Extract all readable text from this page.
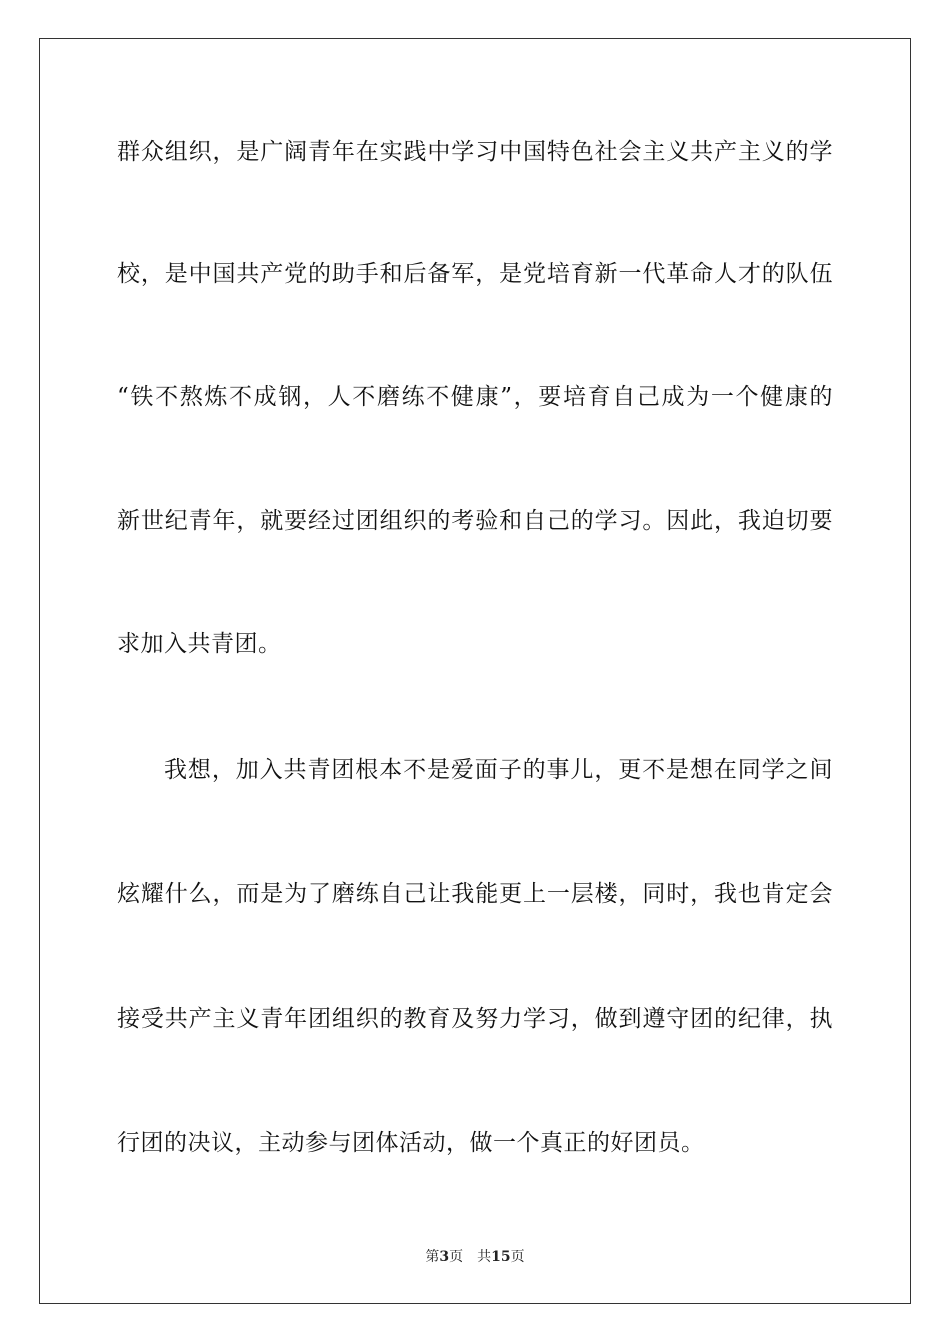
群众组织，是广阔青年在实践中学习中国特色社会主义共产主义的学
校，是中国共产党的助手和后备军，是党培育新一代革命人才的队伍
“铁不熬炼不成钢，人不磨练不健康”，要培育自己成为一个健康的
新世纪青年，就要经过团组织的考验和自己的学习。因此，我迫切要
求加入共青团。
我想，加入共青团根本不是爱面子的事儿，更不是想在同学之间
炫耀什么，而是为了磨练自己让我能更上一层楼，同时，我也肯定会
接受共产主义青年团组织的教育及努力学习，做到遵守团的纪律，执
行团的决议，主动参与团体活动，做一个真正的好团员。
第3页 共15页
